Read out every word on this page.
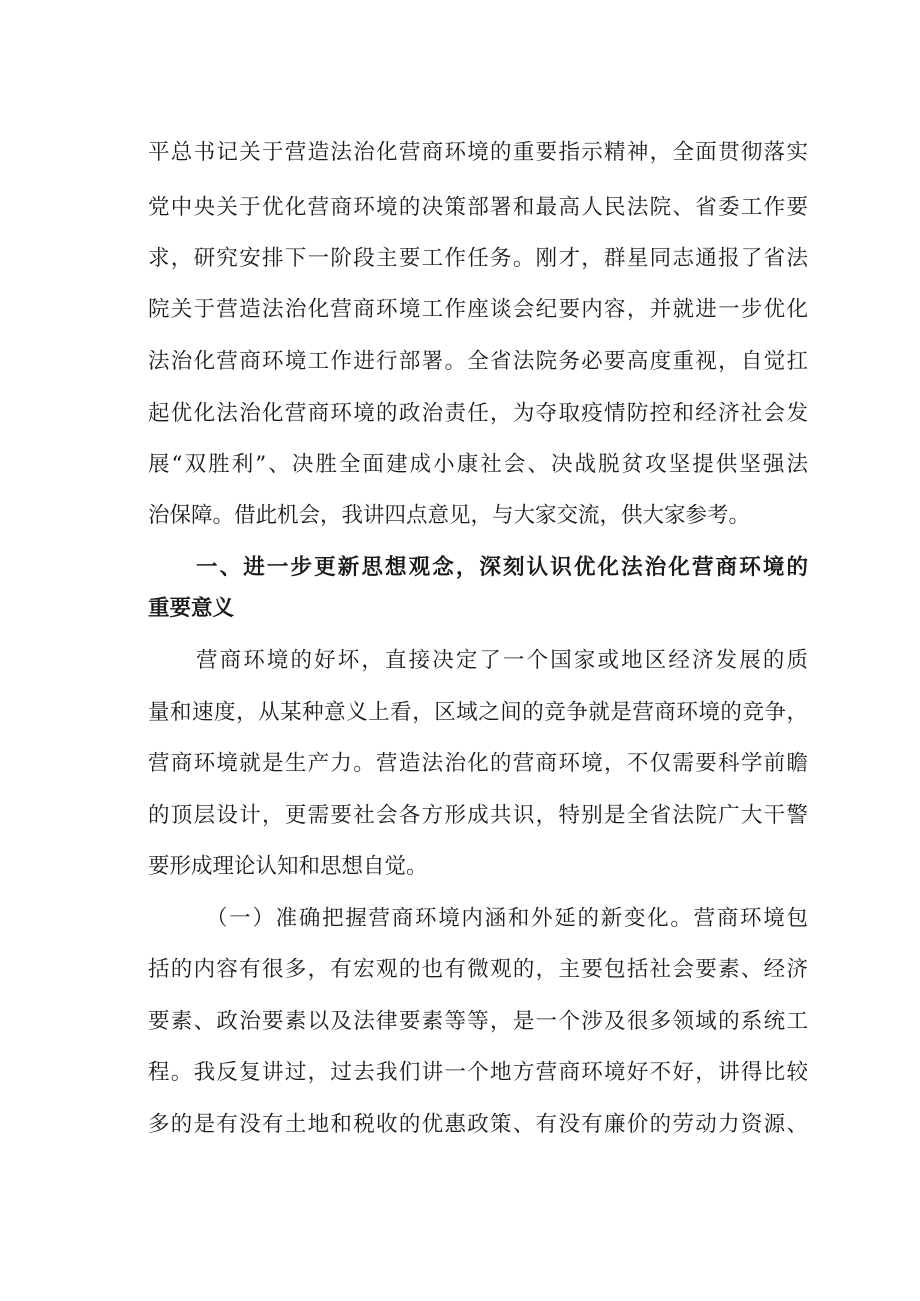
平总书记关于营造法治化营商环境的重要指示精神，全面贯彻落实
党中央关于优化营商环境的决策部署和最高人民法院、省委工作要
求，研究安排下一阶段主要工作任务。刚才，群星同志通报了省法
院关于营造法治化营商环境工作座谈会纪要内容，并就进一步优化
法治化营商环境工作进行部署。全省法院务必要高度重视，自觉扛
起优化法治化营商环境的政治责任，为夺取疫情防控和经济社会发
展“双胜利”、决胜全面建成小康社会、决战脱贫攻坚提供坚强法
治保障。借此机会，我讲四点意见，与大家交流，供大家参考。
一、进一步更新思想观念，深刻认识优化法治化营商环境的
重要意义
营商环境的好坏，直接决定了一个国家或地区经济发展的质
量和速度，从某种意义上看，区域之间的竞争就是营商环境的竞争，
营商环境就是生产力。营造法治化的营商环境，不仅需要科学前瞻
的顶层设计，更需要社会各方形成共识，特别是全省法院广大干警
要形成理论认知和思想自觉。
（一）准确把握营商环境内涵和外延的新变化。营商环境包
括的内容有很多，有宏观的也有微观的，主要包括社会要素、经济
要素、政治要素以及法律要素等等，是一个涉及很多领域的系统工
程。我反复讲过，过去我们讲一个地方营商环境好不好，讲得比较
多的是有没有土地和税收的优惠政策、有没有廉价的劳动力资源、
